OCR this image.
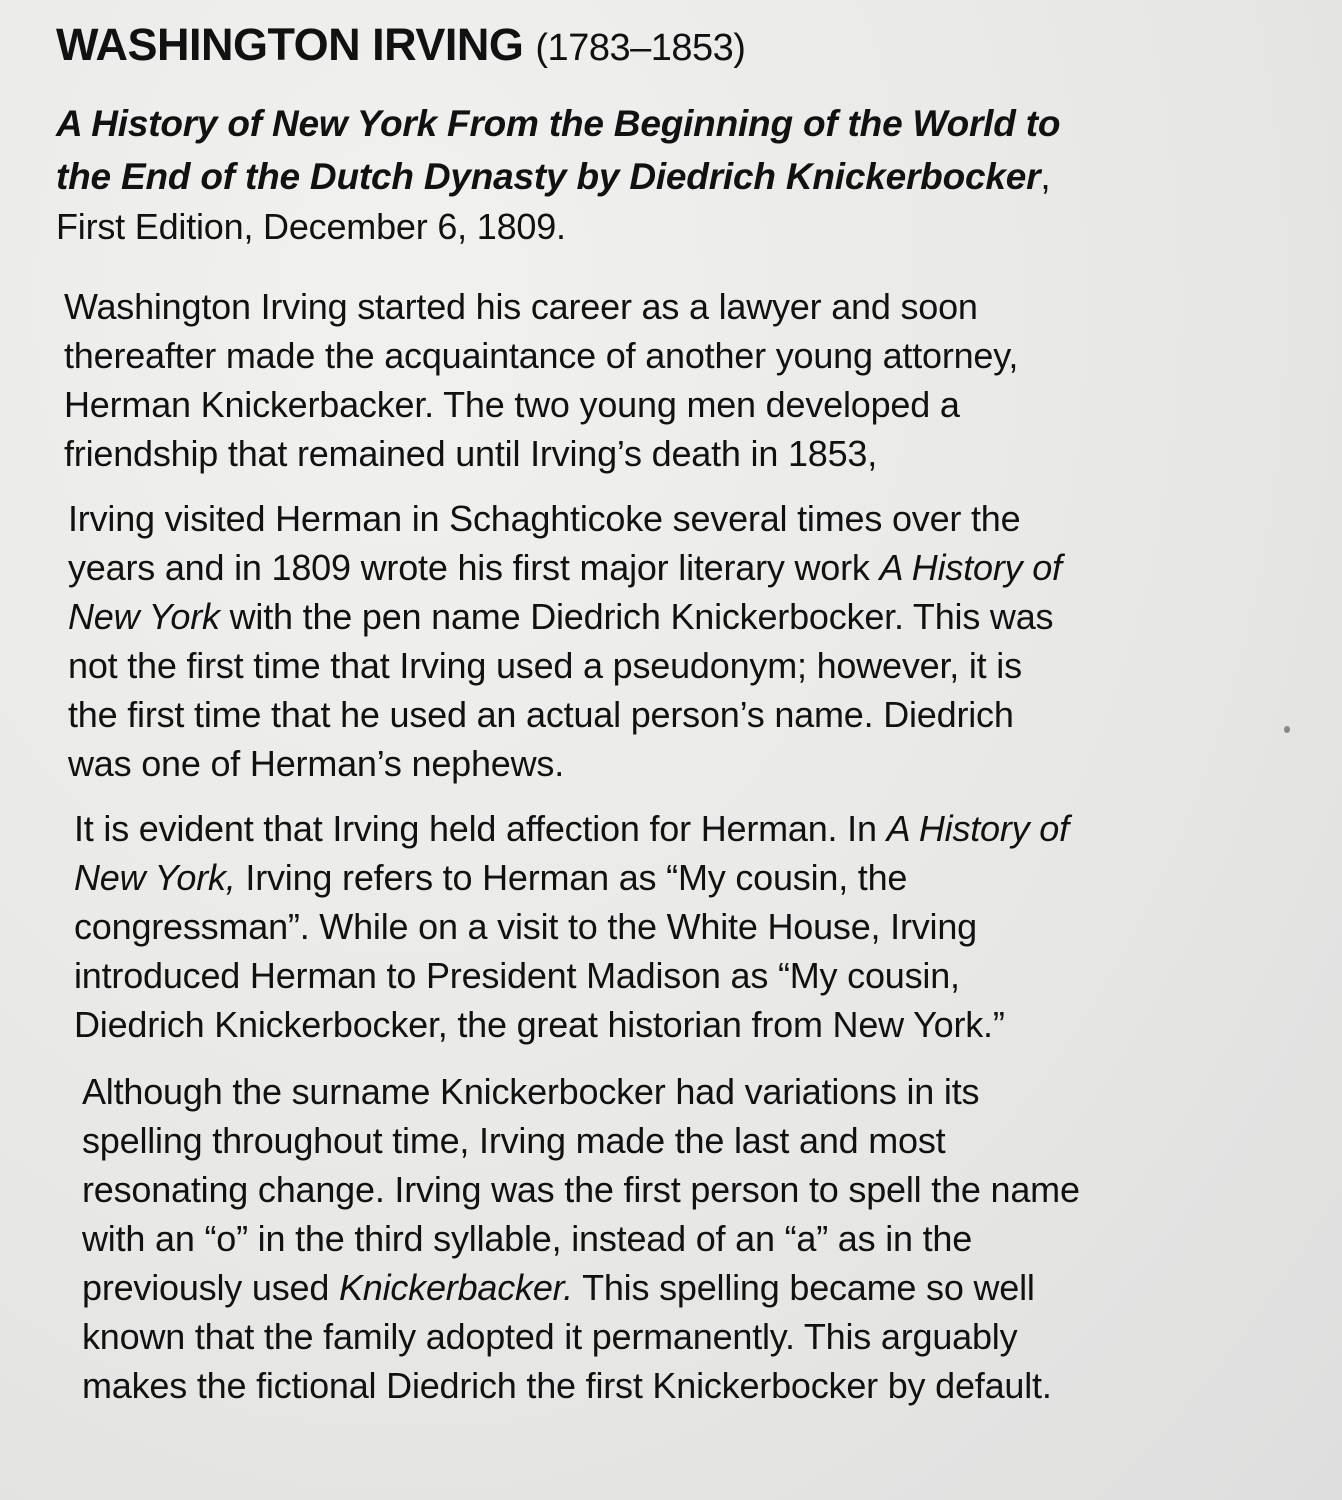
WASHINGTON IRVING (1783–1853)

A History of New York From the Beginning of the World to
the End of the Dutch Dynasty by Diedrich Knickerbocker,
First Edition, December 6, 1809.

Washington Irving started his career as a lawyer and soon
thereafter made the acquaintance of another young attorney,
Herman Knickerbacker. The two young men developed a
friendship that remained until Irving’s death in 1853,

Irving visited Herman in Schaghticoke several times over the
years and in 1809 wrote his first major literary work A History of
New York with the pen name Diedrich Knickerbocker. This was
not the first time that Irving used a pseudonym; however, it is
the first time that he used an actual person’s name. Diedrich
was one of Herman’s nephews.

It is evident that Irving held affection for Herman. In A History of
New York, Irving refers to Herman as “My cousin, the
congressman”. While on a visit to the White House, Irving
introduced Herman to President Madison as “My cousin,
Diedrich Knickerbocker, the great historian from New York.”

Although the surname Knickerbocker had variations in its
spelling throughout time, Irving made the last and most
resonating change. Irving was the first person to spell the name
with an “o” in the third syllable, instead of an “a” as in the
previously used Knickerbacker. This spelling became so well
known that the family adopted it permanently. This arguably
makes the fictional Diedrich the first Knickerbocker by default.
